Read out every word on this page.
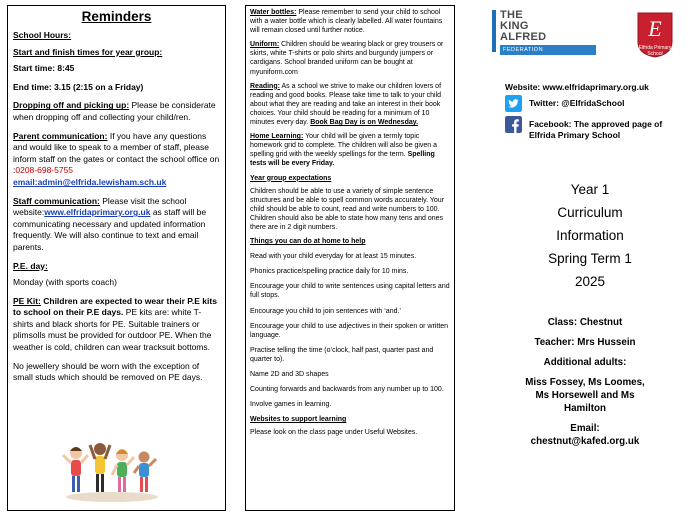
Reminders
School Hours:
Start and finish times for year group:
Start time: 8:45
End time: 3.15 (2:15 on a Friday)
Dropping off and picking up: Please be considerate when dropping off and collecting your child/ren.
Parent communication: If you have any questions and would like to speak to a member of staff, please inform staff on the gates or contact the school office on :0208-698-5755
email:admin@elfrida.lewisham.sch.uk
Staff communication: Please visit the school website:www.elfridaprimary.org.uk as staff will be communicating necessary and updated information frequently. We will also continue to text and email parents.
P.E. day:
Monday (with sports coach)
PE Kit: Children are expected to wear their P.E kits to school on their P.E days. PE kits are: white T-shirts and black shorts for PE. Suitable trainers or plimsolls must be provided for outdoor PE. When the weather is cold, children can wear tracksuit bottoms.
No jewellery should be worn with the exception of small studs which should be removed on PE days.
Water bottles: Please remember to send your child to school with a water bottle which is clearly labelled. All water fountains will remain closed until further notice.
Uniform: Children should be wearing black or grey trousers or skirts, white T-shirts or polo shirts and burgundy jumpers or cardigans. School branded uniform can be bought at myuniform.com
Reading: As a school we strive to make our children lovers of reading and good books. Please take time to talk to your child about what they are reading and take an interest in their book choices. Your child should be reading for a minimum of 10 minutes every day. Book Bag Day is on Wednesday.
Home Learning: Your child will be given a termly topic homework grid to complete. The children will also be given a spelling grid with the weekly spellings for the term. Spelling tests will be every Friday.
Year group expectations
Children should be able to use a variety of simple sentence structures and be able to spell common words accurately. Your child should be able to count, read and write numbers to 100. Children should also be able to state how many tens and ones there are in 2 digit numbers.
Things you can do at home to help
Read with your child everyday for at least 15 minutes.
Phonics practice/spelling practice daily for 10 mins.
Encourage your child to write sentences using capital letters and full stops.
Encourage you child to join sentences with ‘and.’
Encourage your child to use adjectives in their spoken or written language.
Practise telling the time (o’clock, half past, quarter past and quarter to).
Name 2D and 3D shapes
Counting forwards and backwards from any number up to 100.
Involve games in learning.
Websites to support learning
Please look on the class page under Useful Websites.
THE
KING
ALFRED
FEDERATION
E
Elfrida Primary School
Website: www.elfridaprimary.org.uk
Twitter: @ElfridaSchool
Facebook: The approved page of Elfrida Primary School
Year 1
Curriculum
Information
Spring Term 1
2025
Class: Chestnut
Teacher: Mrs Hussein
Additional adults:
Miss Fossey, Ms Loomes, Ms Horsewell and Ms Hamilton
Email:
chestnut@kafed.org.uk
